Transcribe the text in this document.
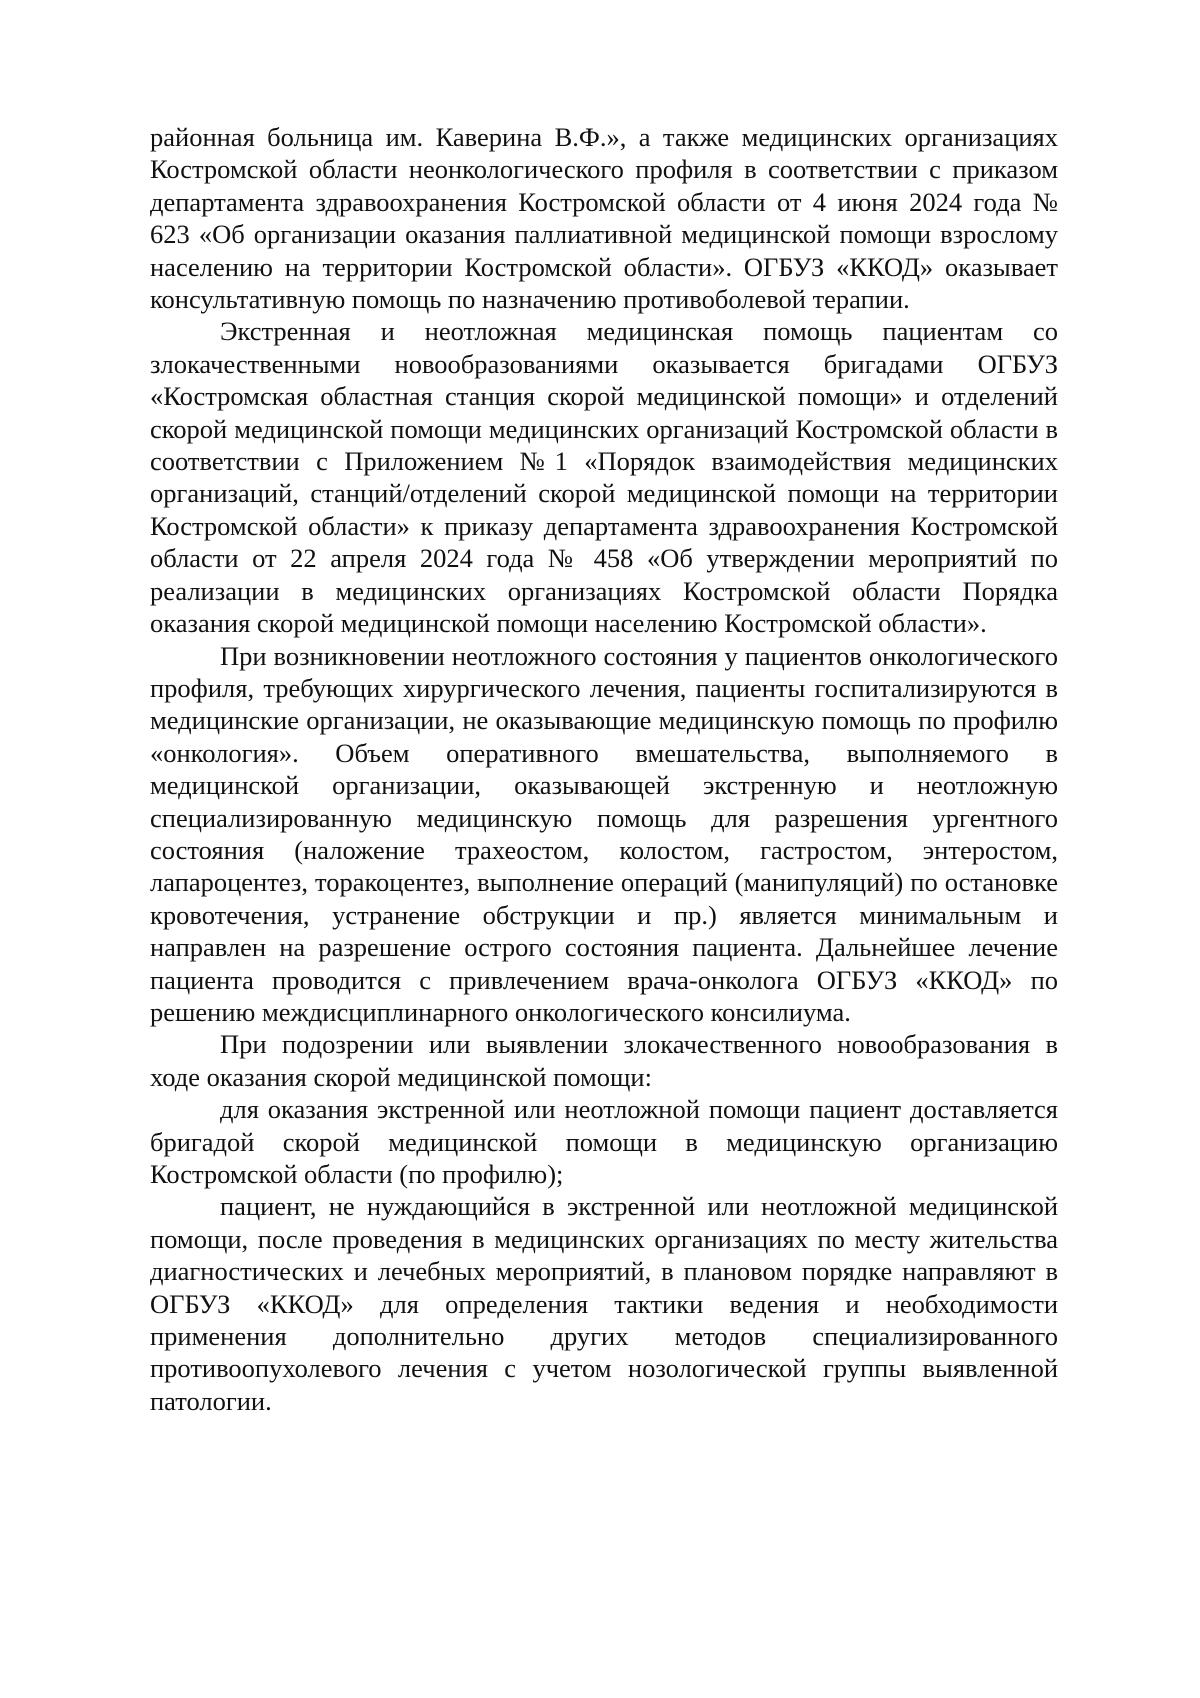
районная больница им. Каверина В.Ф.», а также медицинских организациях Костромской области неонкологического профиля в соответствии с приказом департамента здравоохранения Костромской области от 4 июня 2024 года № 623 «Об организации оказания паллиативной медицинской помощи взрослому населению на территории Костромской области». ОГБУЗ «ККОД» оказывает консультативную помощь по назначению противоболевой терапии.

Экстренная и неотложная медицинская помощь пациентам со злокачественными новообразованиями оказывается бригадами ОГБУЗ «Костромская областная станция скорой медицинской помощи» и отделений скорой медицинской помощи медицинских организаций Костромской области в соответствии с Приложением №1 «Порядок взаимодействия медицинских организаций, станций/отделений скорой медицинской помощи на территории Костромской области» к приказу департамента здравоохранения Костромской области от 22 апреля 2024 года № 458 «Об утверждении мероприятий по реализации в медицинских организациях Костромской области Порядка оказания скорой медицинской помощи населению Костромской области».

При возникновении неотложного состояния у пациентов онкологического профиля, требующих хирургического лечения, пациенты госпитализируются в медицинские организации, не оказывающие медицинскую помощь по профилю «онкология». Объем оперативного вмешательства, выполняемого в медицинской организации, оказывающей экстренную и неотложную специализированную медицинскую помощь для разрешения ургентного состояния (наложение трахеостом, колостом, гастростом, энтеростом, лапароцентез, торакоцентез, выполнение операций (манипуляций) по остановке кровотечения, устранение обструкции и пр.) является минимальным и направлен на разрешение острого состояния пациента. Дальнейшее лечение пациента проводится с привлечением врача-онколога ОГБУЗ «ККОД» по решению междисциплинарного онкологического консилиума.

При подозрении или выявлении злокачественного новообразования в ходе оказания скорой медицинской помощи:

для оказания экстренной или неотложной помощи пациент доставляется бригадой скорой медицинской помощи в медицинскую организацию Костромской области (по профилю);

пациент, не нуждающийся в экстренной или неотложной медицинской помощи, после проведения в медицинских организациях по месту жительства диагностических и лечебных мероприятий, в плановом порядке направляют в ОГБУЗ «ККОД» для определения тактики ведения и необходимости применения дополнительно других методов специализированного противоопухолевого лечения с учетом нозологической группы выявленной патологии.
